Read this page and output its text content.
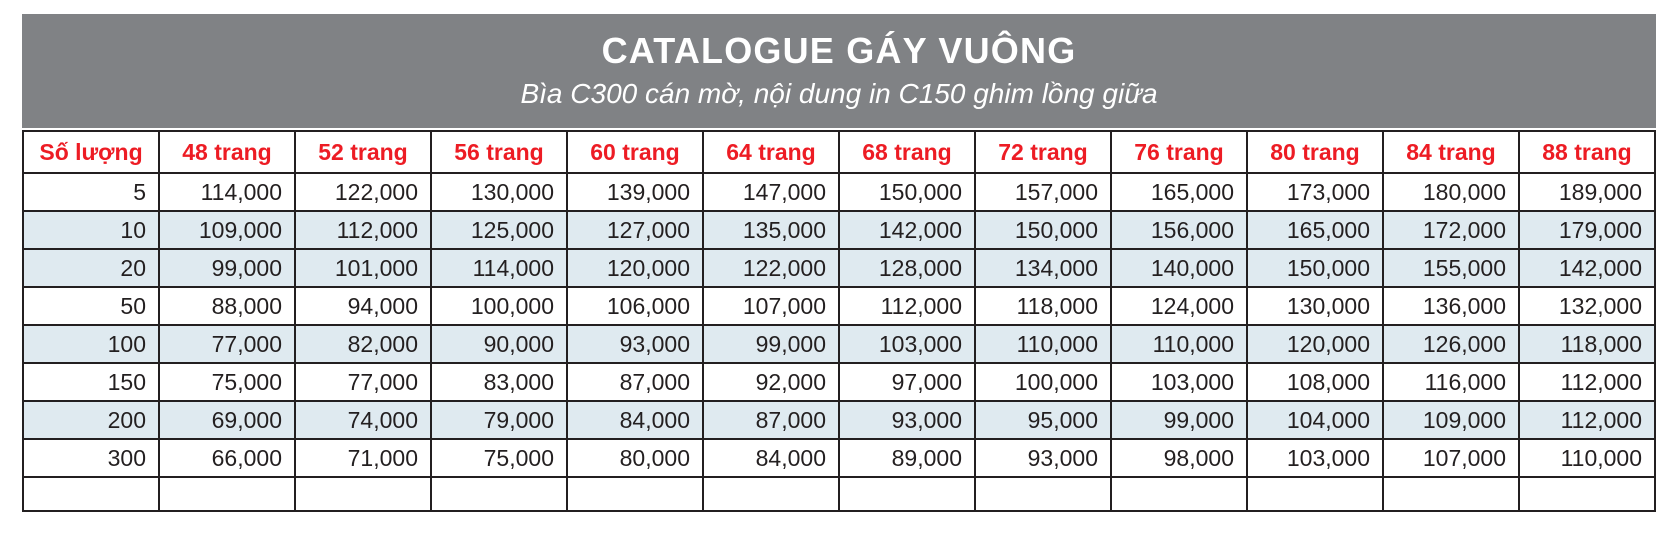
CATALOGUE GÁY VUÔNG
Bìa C300 cán mờ, nội dung in C150 ghim lồng giữa
Số lượng	48 trang	52 trang	56 trang	60 trang	64 trang	68 trang	72 trang	76 trang	80 trang	84 trang	88 trang
5	114,000	122,000	130,000	139,000	147,000	150,000	157,000	165,000	173,000	180,000	189,000
10	109,000	112,000	125,000	127,000	135,000	142,000	150,000	156,000	165,000	172,000	179,000
20	99,000	101,000	114,000	120,000	122,000	128,000	134,000	140,000	150,000	155,000	142,000
50	88,000	94,000	100,000	106,000	107,000	112,000	118,000	124,000	130,000	136,000	132,000
100	77,000	82,000	90,000	93,000	99,000	103,000	110,000	110,000	120,000	126,000	118,000
150	75,000	77,000	83,000	87,000	92,000	97,000	100,000	103,000	108,000	116,000	112,000
200	69,000	74,000	79,000	84,000	87,000	93,000	95,000	99,000	104,000	109,000	112,000
300	66,000	71,000	75,000	80,000	84,000	89,000	93,000	98,000	103,000	107,000	110,000
